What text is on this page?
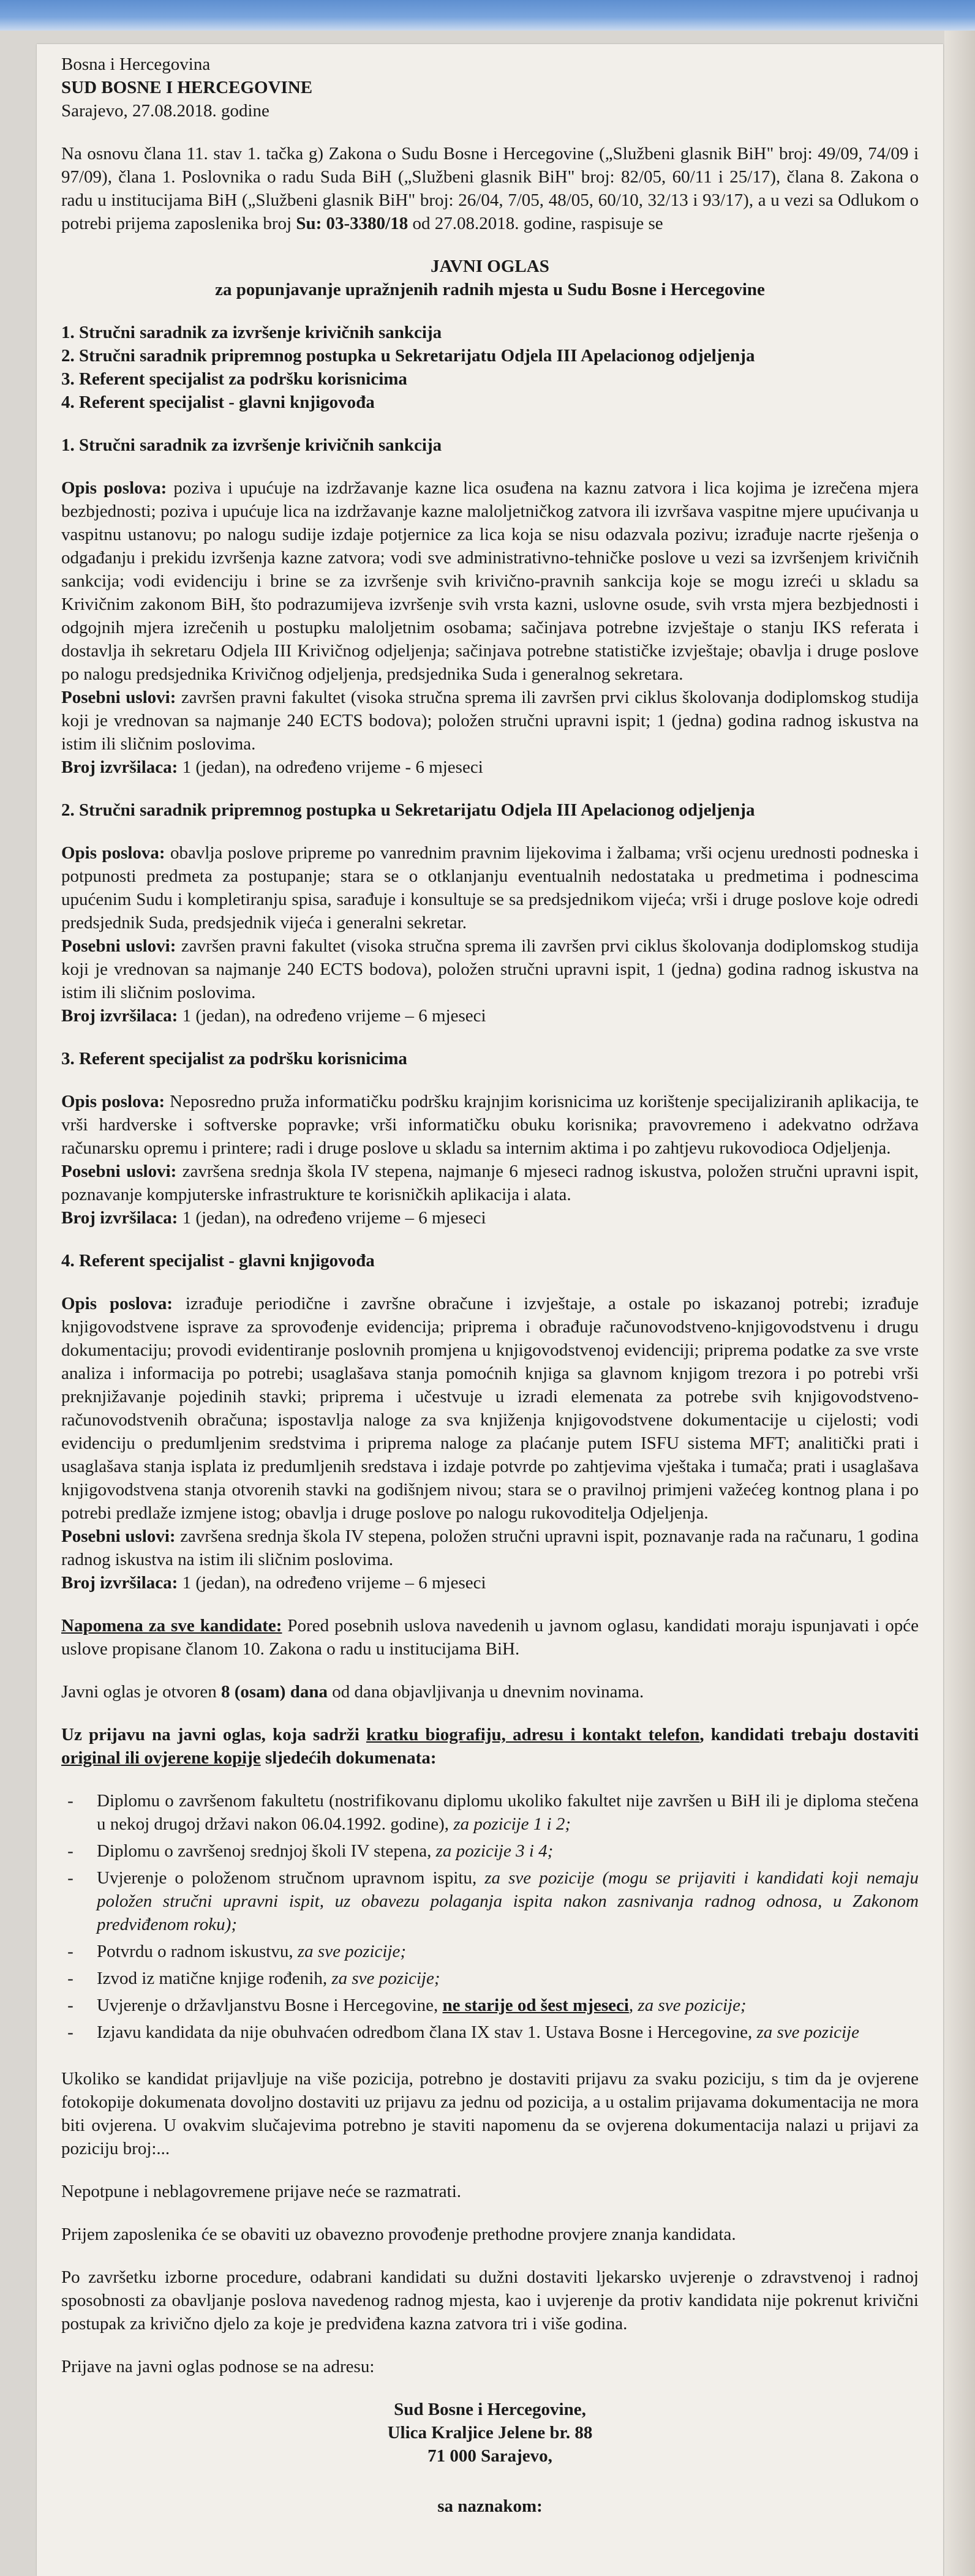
Bosna i Hercegovina

SUD BOSNE I HERCEGOVINE

Sarajevo, 27.08.2018. godine

Na osnovu člana 11. stav 1. tačka g) Zakona o Sudu Bosne i Hercegovine („Službeni glasnik BiH" broj: 49/09, 74/09 i 97/09), člana 1. Poslovnika o radu Suda BiH („Službeni glasnik BiH" broj: 82/05, 60/11 i 25/17), člana 8. Zakona o radu u institucijama BiH („Službeni glasnik BiH" broj: 26/04, 7/05, 48/05, 60/10, 32/13 i 93/17), a u vezi sa Odlukom o potrebi prijema zaposlenika broj Su: 03-3380/18 od 27.08.2018. godine, raspisuje se

JAVNI OGLAS

za popunjavanje upražnjenih radnih mjesta u Sudu Bosne i Hercegovine

1. Stručni saradnik za izvršenje krivičnih sankcija

2. Stručni saradnik pripremnog postupka u Sekretarijatu Odjela III Apelacionog odjeljenja

3. Referent specijalist za podršku korisnicima

4. Referent specijalist - glavni knjigovođa

1. Stručni saradnik za izvršenje krivičnih sankcija

Opis poslova: poziva i upućuje na izdržavanje kazne lica osuđena na kaznu zatvora i lica kojima je izrečena mjera bezbjednosti; poziva i upućuje lica na izdržavanje kazne maloljetničkog zatvora ili izvršava vaspitne mjere upućivanja u vaspitnu ustanovu; po nalogu sudije izdaje potjernice za lica koja se nisu odazvala pozivu; izrađuje nacrte rješenja o odgađanju i prekidu izvršenja kazne zatvora; vodi sve administrativno-tehničke poslove u vezi sa izvršenjem krivičnih sankcija; vodi evidenciju i brine se za izvršenje svih krivično-pravnih sankcija koje se mogu izreći u skladu sa Krivičnim zakonom BiH, što podrazumijeva izvršenje svih vrsta kazni, uslovne osude, svih vrsta mjera bezbjednosti i odgojnih mjera izrečenih u postupku maloljetnim osobama; sačinjava potrebne izvještaje o stanju IKS referata i dostavlja ih sekretaru Odjela III Krivičnog odjeljenja; sačinjava potrebne statističke izvještaje; obavlja i druge poslove po nalogu predsjednika Krivičnog odjeljenja, predsjednika Suda i generalnog sekretara.

Posebni uslovi: završen pravni fakultet (visoka stručna sprema ili završen prvi ciklus školovanja dodiplomskog studija koji je vrednovan sa najmanje 240 ECTS bodova); položen stručni upravni ispit; 1 (jedna) godina radnog iskustva na istim ili sličnim poslovima.

Broj izvršilaca: 1 (jedan), na određeno vrijeme - 6 mjeseci

2. Stručni saradnik pripremnog postupka u Sekretarijatu Odjela III Apelacionog odjeljenja

Opis poslova: obavlja poslove pripreme po vanrednim pravnim lijekovima i žalbama; vrši ocjenu urednosti podneska i potpunosti predmeta za postupanje; stara se o otklanjanju eventualnih nedostataka u predmetima i podnescima upućenim Sudu i kompletiranju spisa, sarađuje i konsultuje se sa predsjednikom vijeća; vrši i druge poslove koje odredi predsjednik Suda, predsjednik vijeća i generalni sekretar.

Posebni uslovi: završen pravni fakultet (visoka stručna sprema ili završen prvi ciklus školovanja dodiplomskog studija koji je vrednovan sa najmanje 240 ECTS bodova), položen stručni upravni ispit, 1 (jedna) godina radnog iskustva na istim ili sličnim poslovima.

Broj izvršilaca: 1 (jedan), na određeno vrijeme – 6 mjeseci

3. Referent specijalist za podršku korisnicima

Opis poslova: Neposredno pruža informatičku podršku krajnjim korisnicima uz korištenje specijaliziranih aplikacija, te vrši hardverske i softverske popravke; vrši informatičku obuku korisnika; pravovremeno i adekvatno održava računarsku opremu i printere; radi i druge poslove u skladu sa internim aktima i po zahtjevu rukovodioca Odjeljenja.

Posebni uslovi: završena srednja škola IV stepena, najmanje 6 mjeseci radnog iskustva, položen stručni upravni ispit, poznavanje kompjuterske infrastrukture te korisničkih aplikacija i alata.

Broj izvršilaca: 1 (jedan), na određeno vrijeme – 6 mjeseci

4. Referent specijalist - glavni knjigovođa

Opis poslova: izrađuje periodične i završne obračune i izvještaje, a ostale po iskazanoj potrebi; izrađuje knjigovodstvene isprave za sprovođenje evidencija; priprema i obrađuje računovodstveno-knjigovodstvenu i drugu dokumentaciju; provodi evidentiranje poslovnih promjena u knjigovodstvenoj evidenciji; priprema podatke za sve vrste analiza i informacija po potrebi; usaglašava stanja pomoćnih knjiga sa glavnom knjigom trezora i po potrebi vrši preknjižavanje pojedinih stavki; priprema i učestvuje u izradi elemenata za potrebe svih knjigovodstveno-računovodstvenih obračuna; ispostavlja naloge za sva knjiženja knjigovodstvene dokumentacije u cijelosti; vodi evidenciju o predumljenim sredstvima i priprema naloge za plaćanje putem ISFU sistema MFT; analitički prati i usaglašava stanja isplata iz predumljenih sredstava i izdaje potvrde po zahtjevima vještaka i tumača; prati i usaglašava knjigovodstvena stanja otvorenih stavki na godišnjem nivou; stara se o pravilnoj primjeni važećeg kontnog plana i po potrebi predlaže izmjene istog; obavlja i druge poslove po nalogu rukovoditelja Odjeljenja.

Posebni uslovi: završena srednja škola IV stepena, položen stručni upravni ispit, poznavanje rada na računaru, 1 godina radnog iskustva na istim ili sličnim poslovima.

Broj izvršilaca: 1 (jedan), na određeno vrijeme – 6 mjeseci

Napomena za sve kandidate: Pored posebnih uslova navedenih u javnom oglasu, kandidati moraju ispunjavati i opće uslove propisane članom 10. Zakona o radu u institucijama BiH.

Javni oglas je otvoren 8 (osam) dana od dana objavljivanja u dnevnim novinama.

Uz prijavu na javni oglas, koja sadrži kratku biografiju, adresu i kontakt telefon, kandidati trebaju dostaviti original ili ovjerene kopije sljedećih dokumenata:

- Diplomu o završenom fakultetu (nostrifikovanu diplomu ukoliko fakultet nije završen u BiH ili je diploma stečena u nekoj drugoj državi nakon 06.04.1992. godine), za pozicije 1 i 2;
- Diplomu o završenoj srednjoj školi IV stepena, za pozicije 3 i 4;
- Uvjerenje o položenom stručnom upravnom ispitu, za sve pozicije (mogu se prijaviti i kandidati koji nemaju položen stručni upravni ispit, uz obavezu polaganja ispita nakon zasnivanja radnog odnosa, u Zakonom predviđenom roku);
- Potvrdu o radnom iskustvu, za sve pozicije;
- Izvod iz matične knjige rođenih, za sve pozicije;
- Uvjerenje o državljanstvu Bosne i Hercegovine, ne starije od šest mjeseci, za sve pozicije;
- Izjavu kandidata da nije obuhvaćen odredbom člana IX stav 1. Ustava Bosne i Hercegovine, za sve pozicije

Ukoliko se kandidat prijavljuje na više pozicija, potrebno je dostaviti prijavu za svaku poziciju, s tim da je ovjerene fotokopije dokumenata dovoljno dostaviti uz prijavu za jednu od pozicija, a u ostalim prijavama dokumentacija ne mora biti ovjerena. U ovakvim slučajevima potrebno je staviti napomenu da se ovjerena dokumentacija nalazi u prijavi za poziciju broj:...

Nepotpune i neblagovremene prijave neće se razmatrati.

Prijem zaposlenika će se obaviti uz obavezno provođenje prethodne provjere znanja kandidata.

Po završetku izborne procedure, odabrani kandidati su dužni dostaviti ljekarsko uvjerenje o zdravstvenoj i radnoj sposobnosti za obavljanje poslova navedenog radnog mjesta, kao i uvjerenje da protiv kandidata nije pokrenut krivični postupak za krivično djelo za koje je predviđena kazna zatvora tri i više godina.

Prijave na javni oglas podnose se na adresu:

Sud Bosne i Hercegovine,

Ulica Kraljice Jelene br. 88

71 000 Sarajevo,

sa naznakom:
